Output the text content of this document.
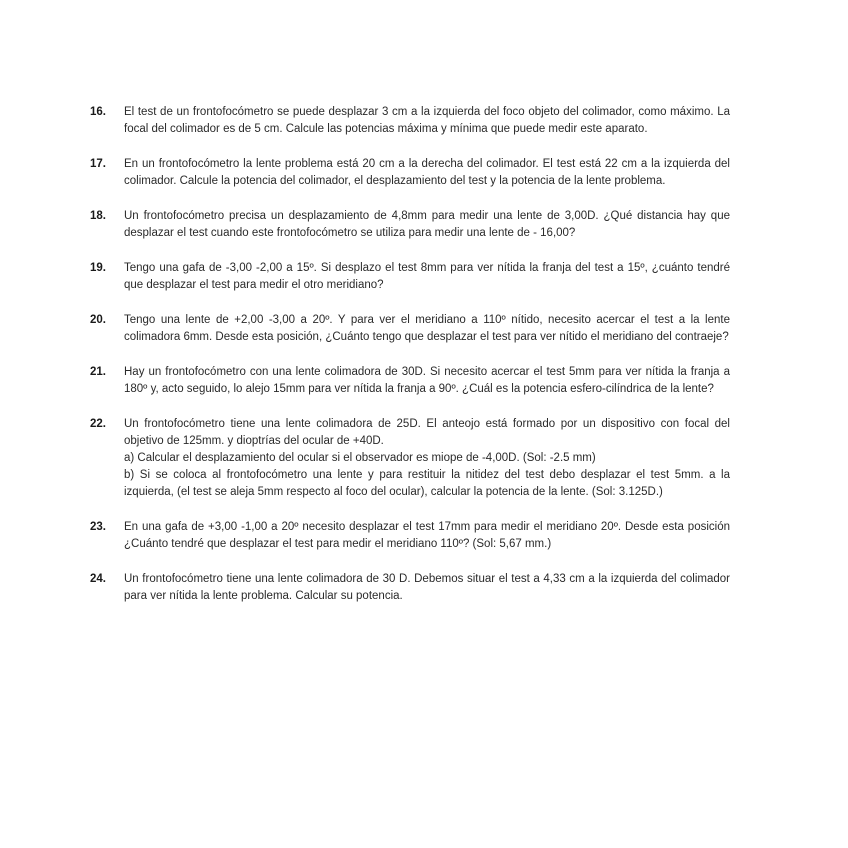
16.	El test de un frontofocómetro se puede desplazar 3 cm a la izquierda del foco objeto del colimador, como máximo. La focal del colimador es de 5 cm. Calcule las potencias máxima y mínima que puede medir este aparato.

17.	En un frontofocómetro la lente problema está 20 cm a la derecha del colimador. El test está 22 cm a la izquierda del colimador. Calcule la potencia del colimador, el desplazamiento del test y la potencia de la lente problema.

18.	Un frontofocómetro precisa un desplazamiento de 4,8mm para medir una lente de 3,00D. ¿Qué distancia hay que desplazar el test cuando este frontofocómetro se utiliza para medir una lente de - 16,00?

19.	Tengo una gafa de -3,00 -2,00 a 15º. Si desplazo el test 8mm para ver nítida la franja del test a 15º, ¿cuánto tendré que desplazar el test para medir el otro meridiano?

20.	Tengo una lente de +2,00 -3,00 a 20º. Y para ver el meridiano a 110º nítido, necesito acercar el test a la lente colimadora 6mm. Desde esta posición, ¿Cuánto tengo que desplazar el test para ver nítido el meridiano del contraeje?

21.	Hay un frontofocómetro con una lente colimadora de 30D. Si necesito acercar el test 5mm para ver nítida la franja a 180º y, acto seguido, lo alejo 15mm para ver nítida la franja a 90º. ¿Cuál es la potencia esfero-cilíndrica de la lente?

22.	Un frontofocómetro tiene una lente colimadora de 25D. El anteojo está formado por un dispositivo con focal del objetivo de 125mm. y dioptrías del ocular de +40D.

a) Calcular el desplazamiento del ocular si el observador es miope de -4,00D. (Sol: -2.5 mm)

b) Si se coloca al frontofocómetro una lente y para restituir la nitidez del test debo desplazar el test 5mm. a la izquierda, (el test se aleja 5mm respecto al foco del ocular), calcular la potencia de la lente. (Sol: 3.125D.)

23.	En una gafa de +3,00 -1,00 a 20º necesito desplazar el test 17mm para medir el meridiano 20º. Desde esta posición ¿Cuánto tendré que desplazar el test para medir el meridiano 110º? (Sol: 5,67 mm.)

24.	Un frontofocómetro tiene una lente colimadora de 30 D. Debemos situar el test a 4,33 cm a la izquierda del colimador para ver nítida la lente problema. Calcular su potencia.
